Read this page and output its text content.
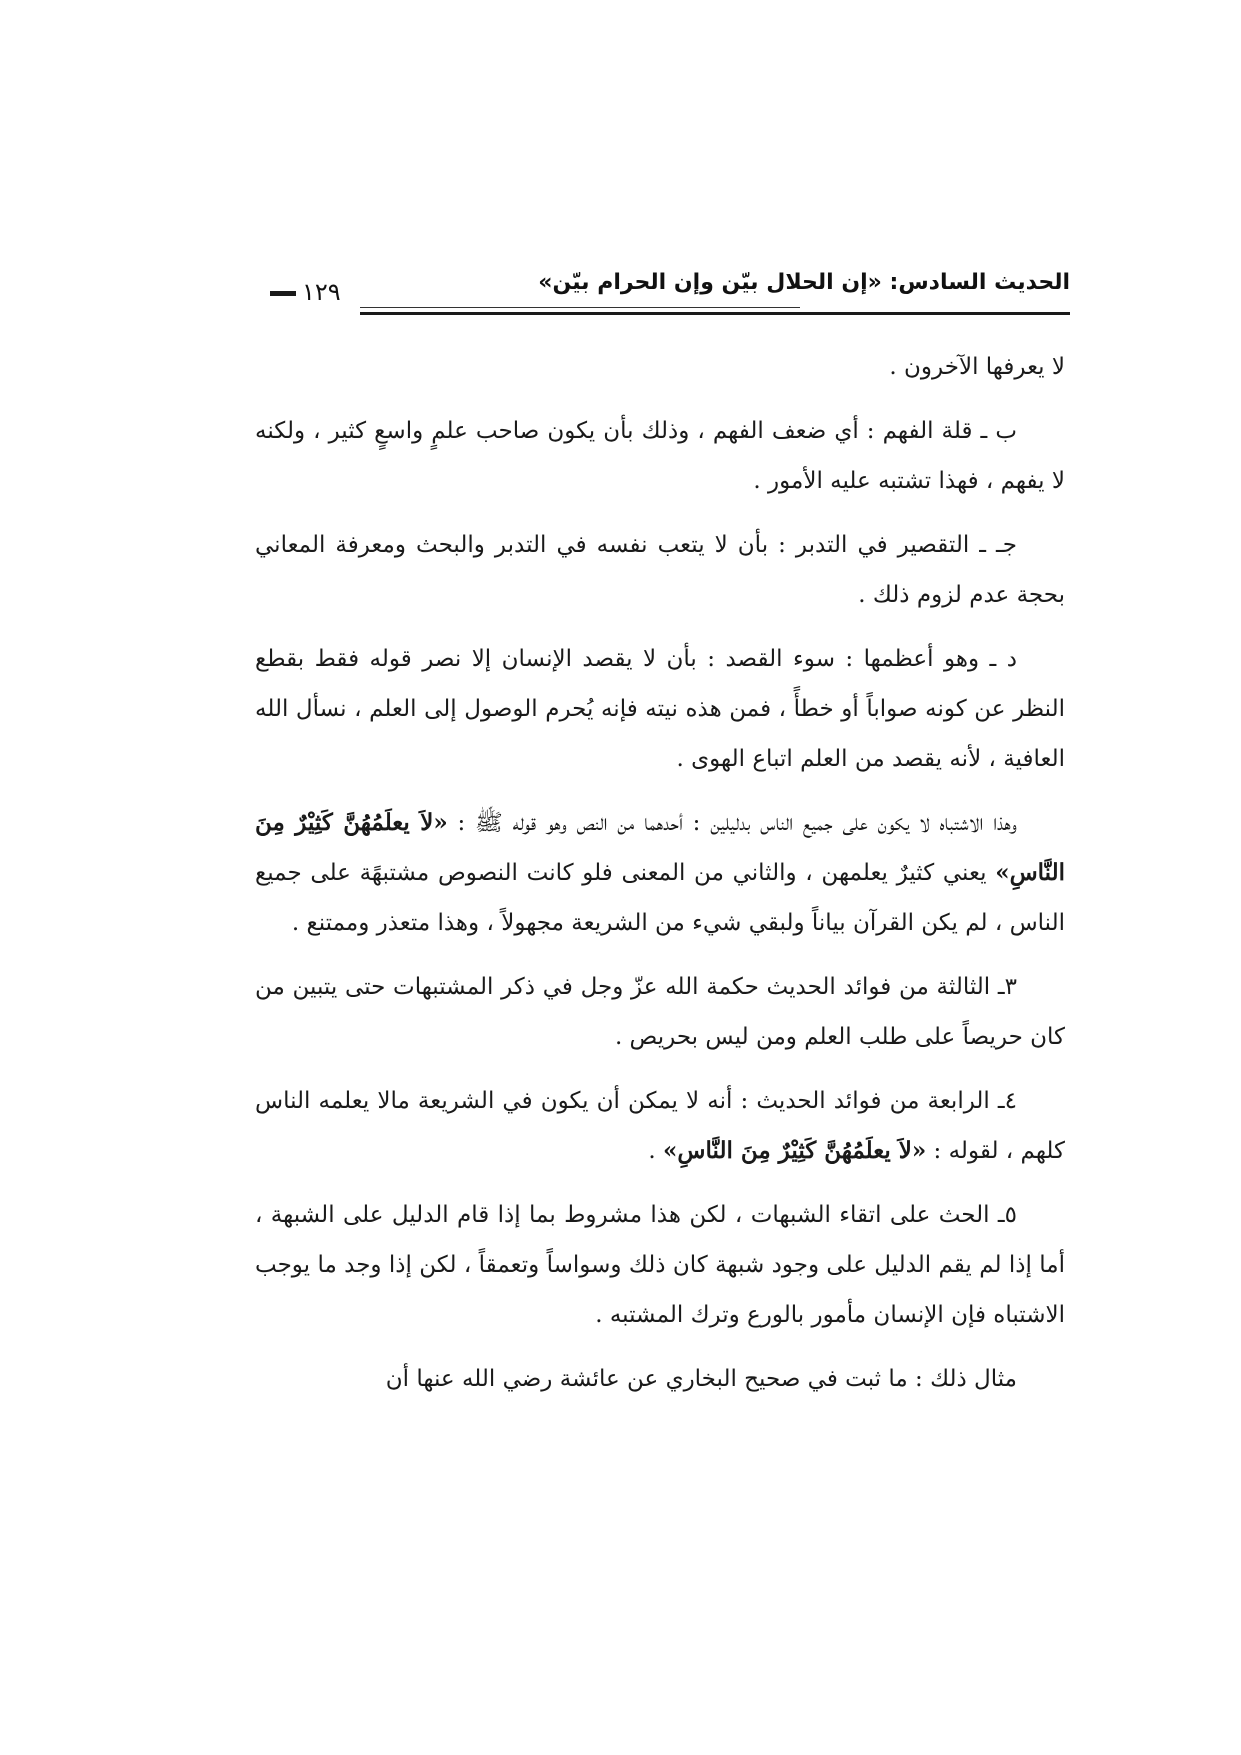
الحديث السادس: «إن الحلال بيّن وإن الحرام بيّن»
١٢٩

لا يعرفها الآخرون .

ب ـ قلة الفهم : أي ضعف الفهم ، وذلك بأن يكون صاحب علمٍ واسعٍ كثير ، ولكنه لا يفهم ، فهذا تشتبه عليه الأمور .

جـ ـ التقصير في التدبر : بأن لا يتعب نفسه في التدبر والبحث ومعرفة المعاني بحجة عدم لزوم ذلك .

د ـ وهو أعظمها : سوء القصد : بأن لا يقصد الإنسان إلا نصر قوله فقط بقطع النظر عن كونه صواباً أو خطأً ، فمن هذه نيته فإنه يُحرم الوصول إلى العلم ، نسأل الله العافية ، لأنه يقصد من العلم اتباع الهوى .

وهذا الاشتباه لا يكون على جميع الناس بدليلين : أحدهما من النص وهو قوله ﷺ : «لاَ يعلَمُهُنَّ كَثِيْرٌ مِنَ النَّاسِ» يعني كثيرٌ يعلمهن ، والثاني من المعنى فلو كانت النصوص مشتبهًة على جميع الناس ، لم يكن القرآن بياناً ولبقي شيء من الشريعة مجهولاً ، وهذا متعذر وممتنع .

٣ـ الثالثة من فوائد الحديث حكمة الله عزّ وجل في ذكر المشتبهات حتى يتبين من كان حريصاً على طلب العلم ومن ليس بحريص .

٤ـ الرابعة من فوائد الحديث : أنه لا يمكن أن يكون في الشريعة مالا يعلمه الناس كلهم ، لقوله : «لاَ يعلَمُهُنَّ كَثِيْرٌ مِنَ النَّاسِ» .

٥ـ الحث على اتقاء الشبهات ، لكن هذا مشروط بما إذا قام الدليل على الشبهة ، أما إذا لم يقم الدليل على وجود شبهة كان ذلك وسواساً وتعمقاً ، لكن إذا وجد ما يوجب الاشتباه فإن الإنسان مأمور بالورع وترك المشتبه .

مثال ذلك : ما ثبت في صحيح البخاري عن عائشة رضي الله عنها أن
